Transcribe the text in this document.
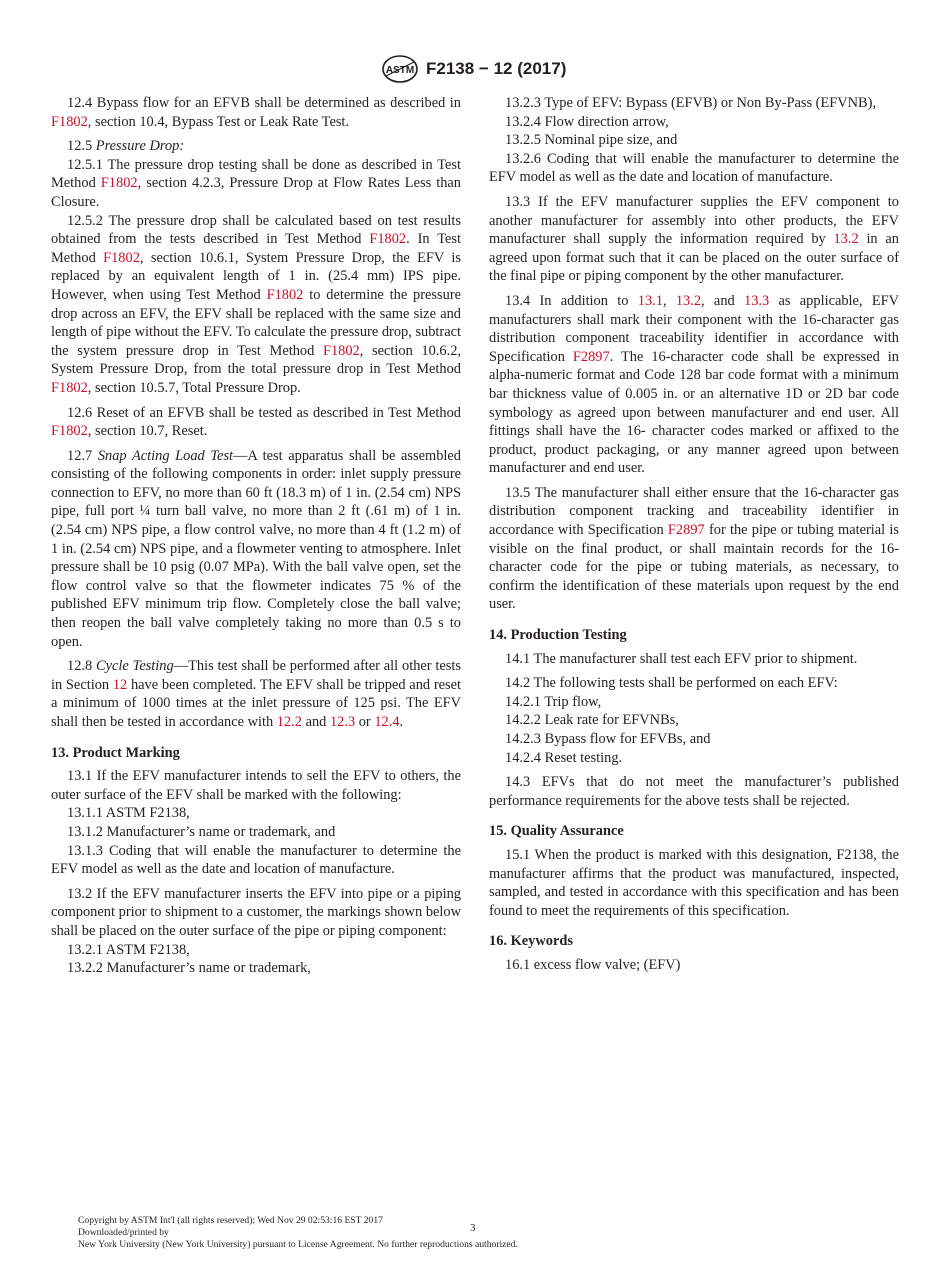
ASTM F2138 − 12 (2017)

12.4 Bypass flow for an EFVB shall be determined as described in F1802, section 10.4, Bypass Test or Leak Rate Test.

12.5 Pressure Drop:

12.5.1 The pressure drop testing shall be done as described in Test Method F1802, section 4.2.3, Pressure Drop at Flow Rates Less than Closure.

12.5.2 The pressure drop shall be calculated based on test results obtained from the tests described in Test Method F1802. In Test Method F1802, section 10.6.1, System Pressure Drop, the EFV is replaced by an equivalent length of 1 in. (25.4 mm) IPS pipe. However, when using Test Method F1802 to determine the pressure drop across an EFV, the EFV shall be replaced with the same size and length of pipe without the EFV. To calculate the pressure drop, subtract the system pressure drop in Test Method F1802, section 10.6.2, System Pressure Drop, from the total pressure drop in Test Method F1802, section 10.5.7, Total Pressure Drop.

12.6 Reset of an EFVB shall be tested as described in Test Method F1802, section 10.7, Reset.

12.7 Snap Acting Load Test—A test apparatus shall be assembled consisting of the following components in order: inlet supply pressure connection to EFV, no more than 60 ft (18.3 m) of 1 in. (2.54 cm) NPS pipe, full port ¼ turn ball valve, no more than 2 ft (.61 m) of 1 in. (2.54 cm) NPS pipe, a flow control valve, no more than 4 ft (1.2 m) of 1 in. (2.54 cm) NPS pipe, and a flowmeter venting to atmosphere. Inlet pressure shall be 10 psig (0.07 MPa). With the ball valve open, set the flow control valve so that the flowmeter indicates 75 % of the published EFV minimum trip flow. Completely close the ball valve; then reopen the ball valve completely taking no more than 0.5 s to open.

12.8 Cycle Testing—This test shall be performed after all other tests in Section 12 have been completed. The EFV shall be tripped and reset a minimum of 1000 times at the inlet pressure of 125 psi. The EFV shall then be tested in accordance with 12.2 and 12.3 or 12.4.

13. Product Marking

13.1 If the EFV manufacturer intends to sell the EFV to others, the outer surface of the EFV shall be marked with the following:

13.1.1 ASTM F2138,

13.1.2 Manufacturer’s name or trademark, and

13.1.3 Coding that will enable the manufacturer to determine the EFV model as well as the date and location of manufacture.

13.2 If the EFV manufacturer inserts the EFV into pipe or a piping component prior to shipment to a customer, the markings shown below shall be placed on the outer surface of the pipe or piping component:

13.2.1 ASTM F2138,

13.2.2 Manufacturer’s name or trademark,

13.2.3 Type of EFV: Bypass (EFVB) or Non By-Pass (EFVNB),

13.2.4 Flow direction arrow,

13.2.5 Nominal pipe size, and

13.2.6 Coding that will enable the manufacturer to determine the EFV model as well as the date and location of manufacture.

13.3 If the EFV manufacturer supplies the EFV component to another manufacturer for assembly into other products, the EFV manufacturer shall supply the information required by 13.2 in an agreed upon format such that it can be placed on the outer surface of the final pipe or piping component by the other manufacturer.

13.4 In addition to 13.1, 13.2, and 13.3 as applicable, EFV manufacturers shall mark their component with the 16-character gas distribution component traceability identifier in accordance with Specification F2897. The 16-character code shall be expressed in alpha-numeric format and Code 128 bar code format with a minimum bar thickness value of 0.005 in. or an alternative 1D or 2D bar code symbology as agreed upon between manufacturer and end user. All fittings shall have the 16- character codes marked or affixed to the product, product packaging, or any manner agreed upon between manufacturer and end user.

13.5 The manufacturer shall either ensure that the 16-character gas distribution component tracking and traceability identifier in accordance with Specification F2897 for the pipe or tubing material is visible on the final product, or shall maintain records for the 16-character code for the pipe or tubing materials, as necessary, to confirm the identification of these materials upon request by the end user.

14. Production Testing

14.1 The manufacturer shall test each EFV prior to shipment.

14.2 The following tests shall be performed on each EFV:

14.2.1 Trip flow,

14.2.2 Leak rate for EFVNBs,

14.2.3 Bypass flow for EFVBs, and

14.2.4 Reset testing.

14.3 EFVs that do not meet the manufacturer’s published performance requirements for the above tests shall be rejected.

15. Quality Assurance

15.1 When the product is marked with this designation, F2138, the manufacturer affirms that the product was manufactured, inspected, sampled, and tested in accordance with this specification and has been found to meet the requirements of this specification.

16. Keywords

16.1 excess flow valve; (EFV)

Copyright by ASTM Int'l (all rights reserved); Wed Nov 29 02:53:16 EST 2017
Downloaded/printed by
New York University (New York University) pursuant to License Agreement. No further reproductions authorized.
3
